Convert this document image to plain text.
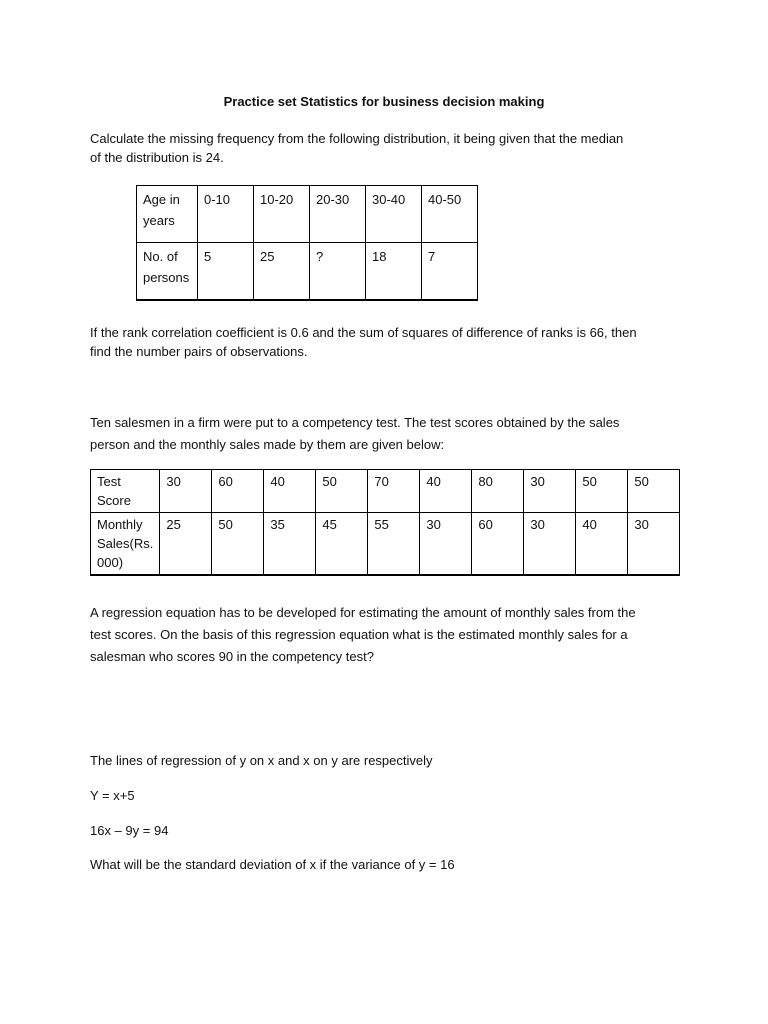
Practice set Statistics for business decision making

Calculate the missing frequency from the following distribution, it being given that the median
of the distribution is 24.

Age in years	0-10	10-20	20-30	30-40	40-50
No. of persons	5	25	?	18	7

If the rank correlation coefficient is 0.6 and the sum of squares of difference of ranks is 66, then
find the number pairs of observations.

Ten salesmen in a firm were put to a competency test. The test scores obtained by the sales
person and the monthly sales made by them are given below:

Test Score	30	60	40	50	70	40	80	30	50	50
Monthly Sales(Rs. 000)	25	50	35	45	55	30	60	30	40	30

A regression equation has to be developed for estimating the amount of monthly sales from the
test scores. On the basis of this regression equation what is the estimated monthly sales for a
salesman who scores 90 in the competency test?

The lines of regression of y on x and x on y are respectively

Y = x+5

16x – 9y = 94

What will be the standard deviation of x if the variance of y = 16
